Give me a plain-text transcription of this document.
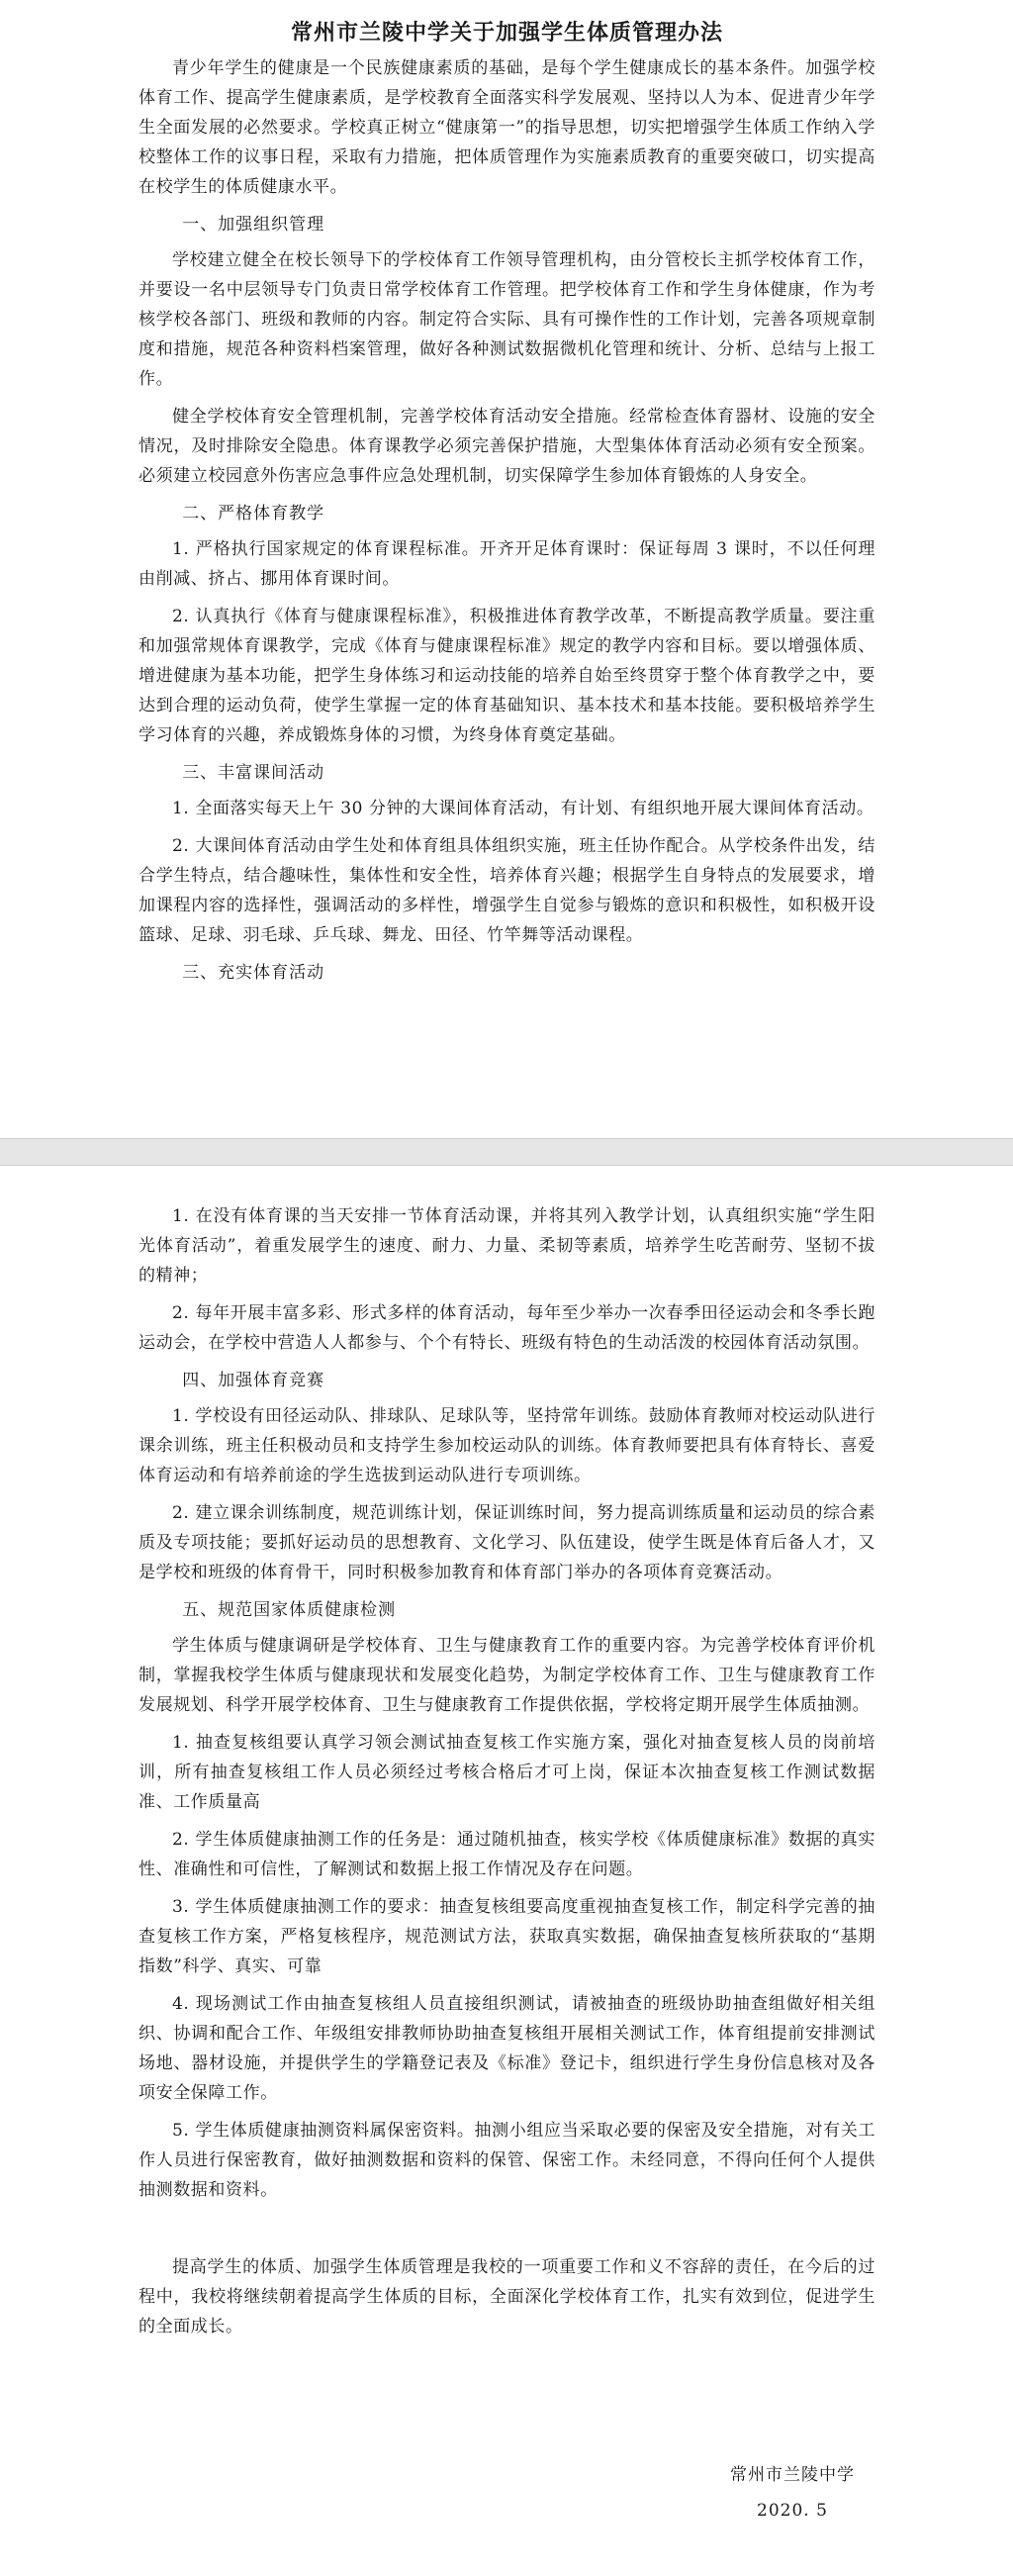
常州市兰陵中学关于加强学生体质管理办法

青少年学生的健康是一个民族健康素质的基础，是每个学生健康成长的基本条件。加强学校体育工作、提高学生健康素质，是学校教育全面落实科学发展观、坚持以人为本、促进青少年学生全面发展的必然要求。学校真正树立“健康第一”的指导思想，切实把增强学生体质工作纳入学校整体工作的议事日程，采取有力措施，把体质管理作为实施素质教育的重要突破口，切实提高在校学生的体质健康水平。

一、加强组织管理

学校建立健全在校长领导下的学校体育工作领导管理机构，由分管校长主抓学校体育工作，并要设一名中层领导专门负责日常学校体育工作管理。把学校体育工作和学生身体健康，作为考核学校各部门、班级和教师的内容。制定符合实际、具有可操作性的工作计划，完善各项规章制度和措施，规范各种资料档案管理，做好各种测试数据微机化管理和统计、分析、总结与上报工作。

健全学校体育安全管理机制，完善学校体育活动安全措施。经常检查体育器材、设施的安全情况，及时排除安全隐患。体育课教学必须完善保护措施，大型集体体育活动必须有安全预案。必须建立校园意外伤害应急事件应急处理机制，切实保障学生参加体育锻炼的人身安全。

二、严格体育教学

1. 严格执行国家规定的体育课程标准。开齐开足体育课时：保证每周 3 课时，不以任何理由削减、挤占、挪用体育课时间。

2. 认真执行《体育与健康课程标准》，积极推进体育教学改革，不断提高教学质量。要注重和加强常规体育课教学，完成《体育与健康课程标准》规定的教学内容和目标。要以增强体质、增进健康为基本功能，把学生身体练习和运动技能的培养自始至终贯穿于整个体育教学之中，要达到合理的运动负荷，使学生掌握一定的体育基础知识、基本技术和基本技能。要积极培养学生学习体育的兴趣，养成锻炼身体的习惯，为终身体育奠定基础。

三、丰富课间活动

1. 全面落实每天上午 30 分钟的大课间体育活动，有计划、有组织地开展大课间体育活动。

2. 大课间体育活动由学生处和体育组具体组织实施，班主任协作配合。从学校条件出发，结合学生特点，结合趣味性，集体性和安全性，培养体育兴趣；根据学生自身特点的发展要求，增加课程内容的选择性，强调活动的多样性，增强学生自觉参与锻炼的意识和积极性，如积极开设篮球、足球、羽毛球、乒乓球、舞龙、田径、竹竿舞等活动课程。

三、充实体育活动

1. 在没有体育课的当天安排一节体育活动课，并将其列入教学计划，认真组织实施“学生阳光体育活动”，着重发展学生的速度、耐力、力量、柔韧等素质，培养学生吃苦耐劳、坚韧不拔的精神；

2. 每年开展丰富多彩、形式多样的体育活动，每年至少举办一次春季田径运动会和冬季长跑运动会，在学校中营造人人都参与、个个有特长、班级有特色的生动活泼的校园体育活动氛围。

四、加强体育竞赛

1. 学校设有田径运动队、排球队、足球队等，坚持常年训练。鼓励体育教师对校运动队进行课余训练，班主任积极动员和支持学生参加校运动队的训练。体育教师要把具有体育特长、喜爱体育运动和有培养前途的学生选拔到运动队进行专项训练。

2. 建立课余训练制度，规范训练计划，保证训练时间，努力提高训练质量和运动员的综合素质及专项技能；要抓好运动员的思想教育、文化学习、队伍建设，使学生既是体育后备人才，又是学校和班级的体育骨干，同时积极参加教育和体育部门举办的各项体育竞赛活动。

五、规范国家体质健康检测

学生体质与健康调研是学校体育、卫生与健康教育工作的重要内容。为完善学校体育评价机制，掌握我校学生体质与健康现状和发展变化趋势，为制定学校体育工作、卫生与健康教育工作发展规划、科学开展学校体育、卫生与健康教育工作提供依据，学校将定期开展学生体质抽测。

1. 抽查复核组要认真学习领会测试抽查复核工作实施方案，强化对抽查复核人员的岗前培训，所有抽查复核组工作人员必须经过考核合格后才可上岗，保证本次抽查复核工作测试数据准、工作质量高

2. 学生体质健康抽测工作的任务是：通过随机抽查，核实学校《体质健康标准》数据的真实性、准确性和可信性，了解测试和数据上报工作情况及存在问题。

3. 学生体质健康抽测工作的要求：抽查复核组要高度重视抽查复核工作，制定科学完善的抽查复核工作方案，严格复核程序，规范测试方法，获取真实数据，确保抽查复核所获取的“基期指数”科学、真实、可靠

4. 现场测试工作由抽查复核组人员直接组织测试，请被抽查的班级协助抽查组做好相关组织、协调和配合工作、年级组安排教师协助抽查复核组开展相关测试工作，体育组提前安排测试场地、器材设施，并提供学生的学籍登记表及《标准》登记卡，组织进行学生身份信息核对及各项安全保障工作。

5. 学生体质健康抽测资料属保密资料。抽测小组应当采取必要的保密及安全措施，对有关工作人员进行保密教育，做好抽测数据和资料的保管、保密工作。未经同意，不得向任何个人提供抽测数据和资料。

提高学生的体质、加强学生体质管理是我校的一项重要工作和义不容辞的责任，在今后的过程中，我校将继续朝着提高学生体质的目标，全面深化学校体育工作，扎实有效到位，促进学生的全面成长。

常州市兰陵中学
2020. 5
